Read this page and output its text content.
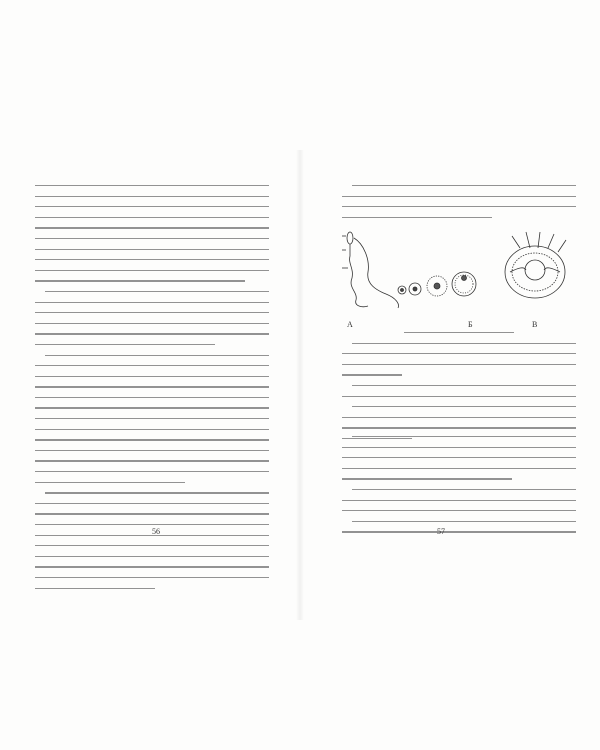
56	57
А	Б	В
